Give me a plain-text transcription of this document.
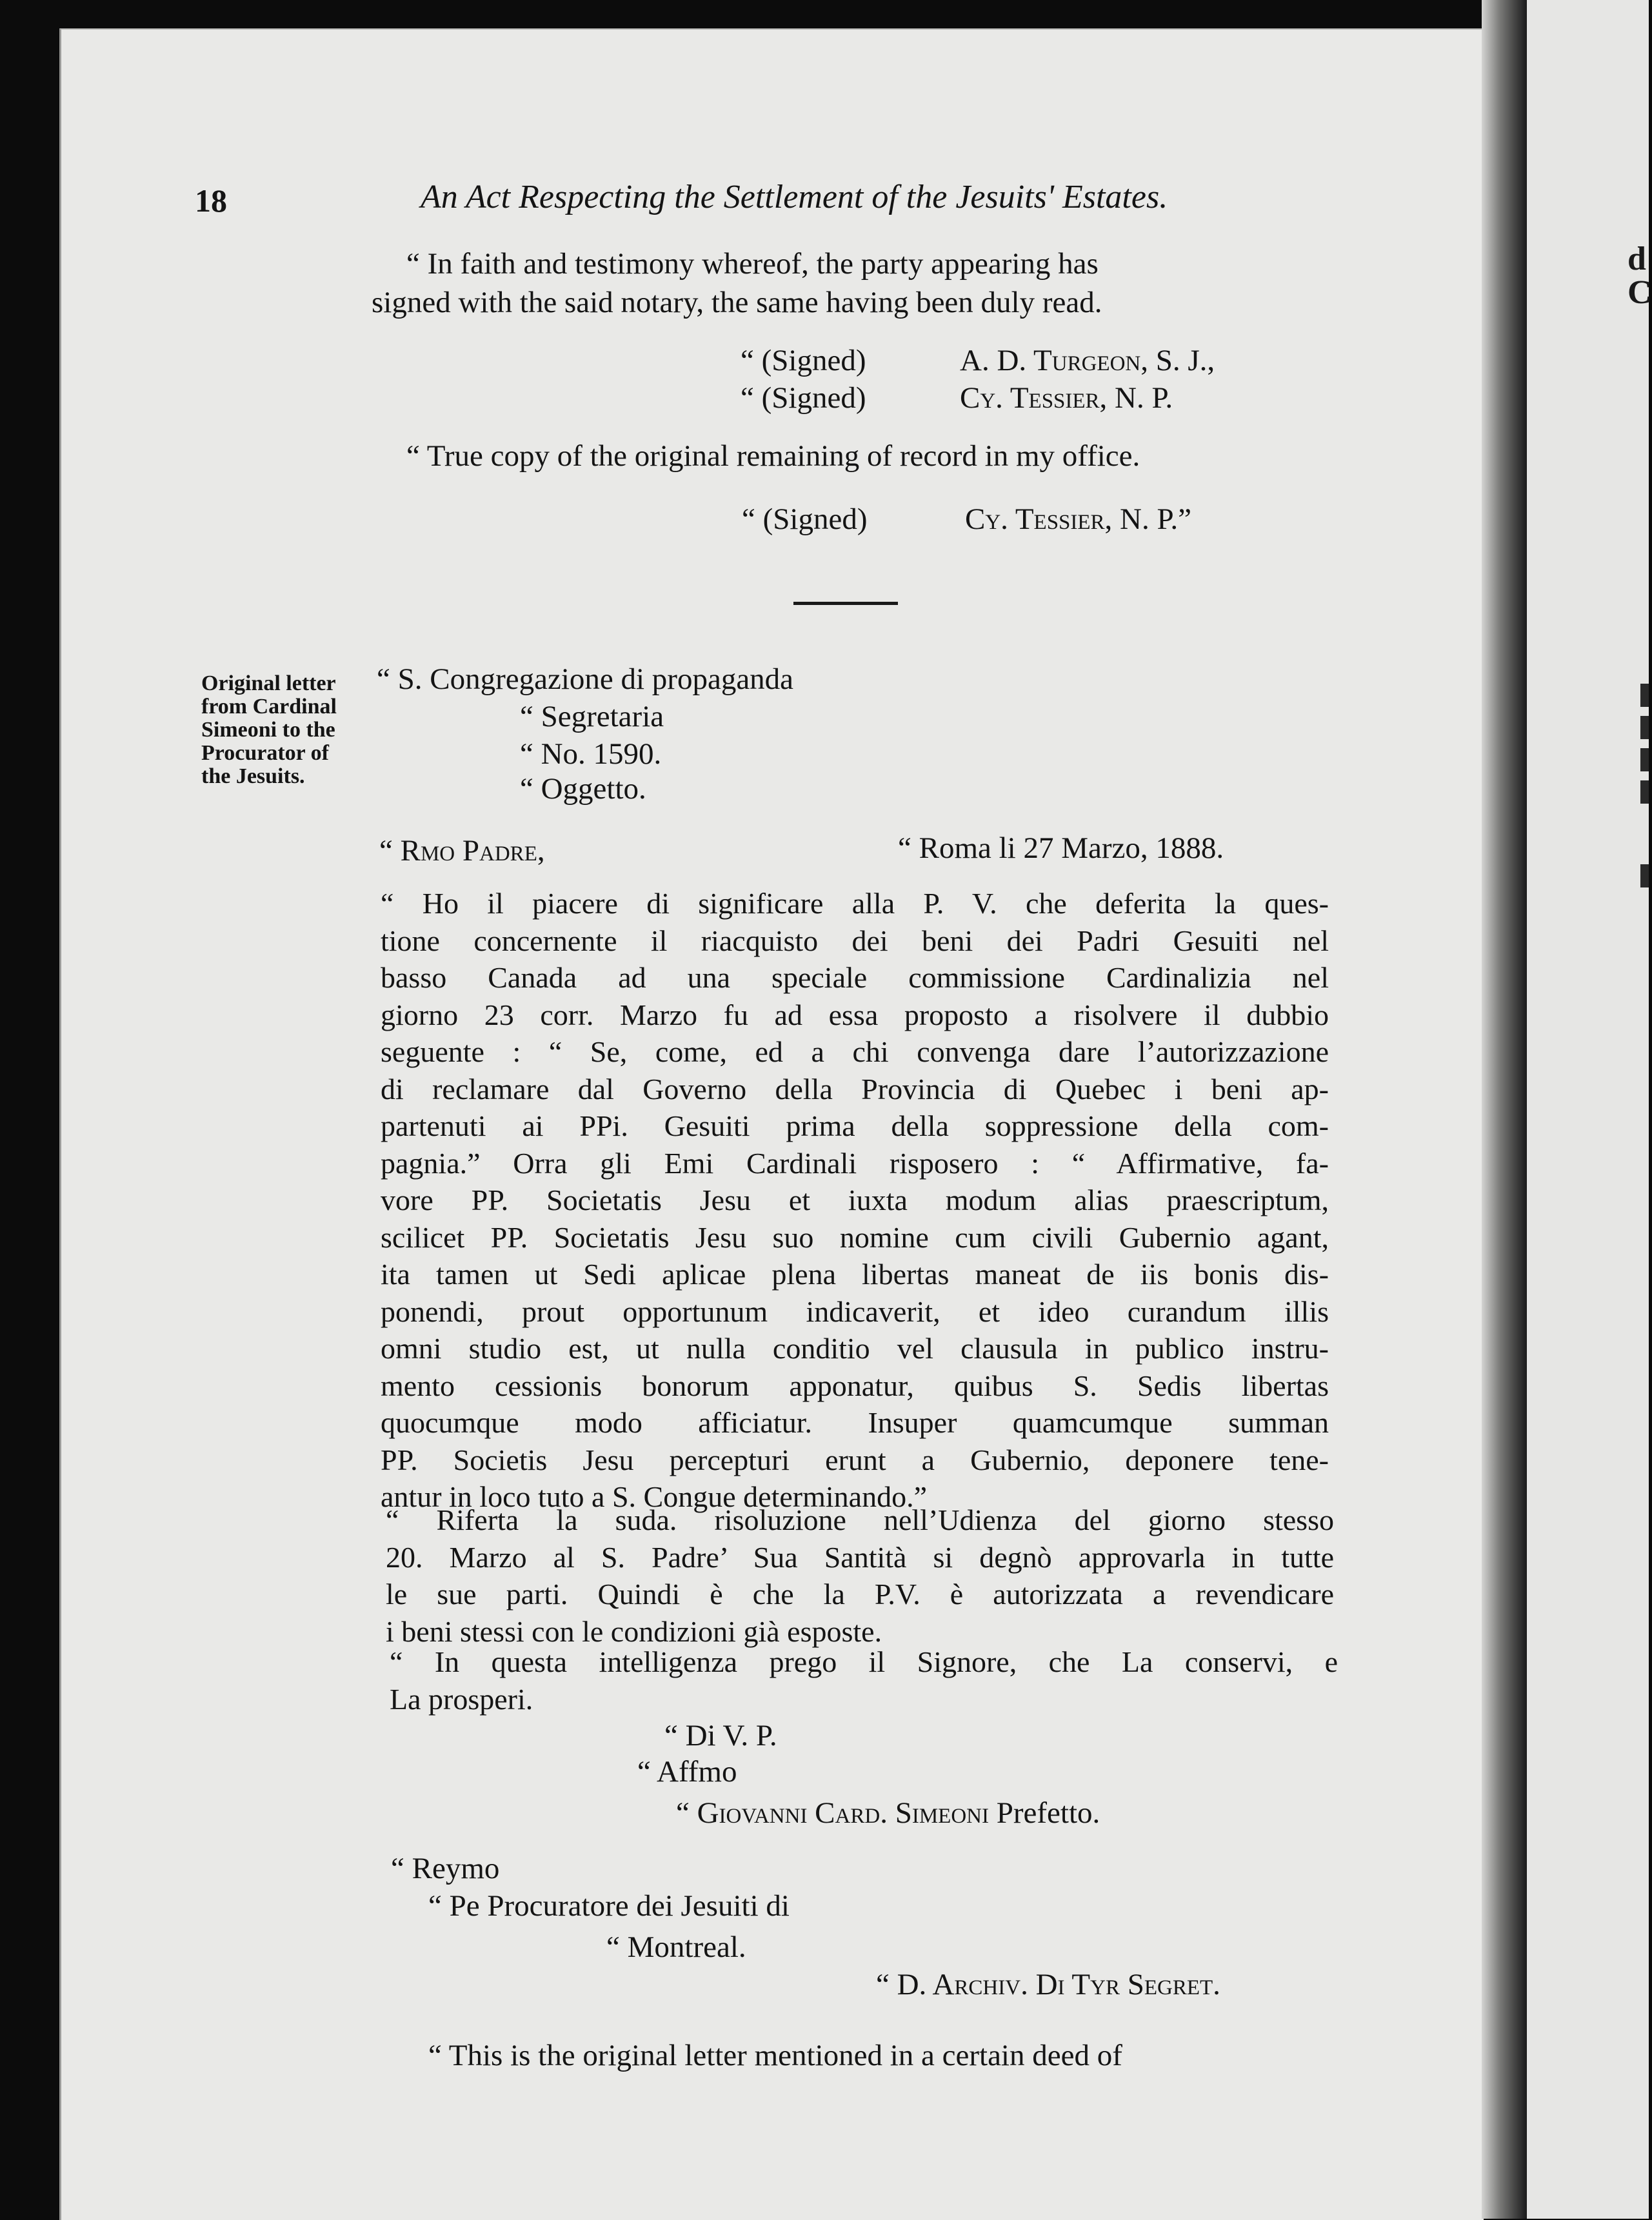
d
C
18	An Act Respecting the Settlement of the Jesuits' Estates.
“ In faith and testimony whereof, the party appearing has
signed with the said notary, the same having been duly read.
“ (Signed)	A. D. Turgeon, S. J.,
“ (Signed)	Cy. Tessier, N. P.
“ True copy of the original remaining of record in my office.
“ (Signed)	Cy. Tessier, N. P.”
Original letter
from Cardinal
Simeoni to the
Procurator of
the Jesuits.
“ S. Congregazione di propaganda
“ Segretaria
“ No. 1590.
“ Oggetto.
“ Rmo Padre,	“ Roma li 27 Marzo, 1888.
“ Ho il piacere di significare alla P. V. che deferita la ques-
tione concernente il riacquisto dei beni dei Padri Gesuiti nel
basso Canada ad una speciale commissione Cardinalizia nel
giorno 23 corr. Marzo fu ad essa proposto a risolvere il dubbio
seguente : “ Se, come, ed a chi convenga dare l’autorizzazione
di reclamare dal Governo della Provincia di Quebec i beni ap-
partenuti ai PPi. Gesuiti prima della soppressione della com-
pagnia.” Orra gli Emi Cardinali risposero : “ Affirmative, fa-
vore PP. Societatis Jesu et iuxta modum alias praescriptum,
scilicet PP. Societatis Jesu suo nomine cum civili Gubernio agant,
ita tamen ut Sedi aplicae plena libertas maneat de iis bonis dis-
ponendi, prout opportunum indicaverit, et ideo curandum illis
omni studio est, ut nulla conditio vel clausula in publico instru-
mento cessionis bonorum apponatur, quibus S. Sedis libertas
quocumque modo afficiatur. Insuper quamcumque summan
PP. Societis Jesu percepturi erunt a Gubernio, deponere tene-
antur in loco tuto a S. Congue determinando.”
“ Riferta la suda. risoluzione nell’Udienza del giorno stesso
20. Marzo al S. Padre’ Sua Santità si degnò approvarla in tutte
le sue parti. Quindi è che la P.V. è autorizzata a revendicare
i beni stessi con le condizioni già esposte.
“ In questa intelligenza prego il Signore, che La conservi, e
La prosperi.
“ Di V. P.
“ Affmo
“ Giovanni Card. Simeoni Prefetto.
“ Reymo
“ Pe Procuratore dei Jesuiti di
“ Montreal.
“ D. Archiv. Di Tyr Segret.
“ This is the original letter mentioned in a certain deed of
